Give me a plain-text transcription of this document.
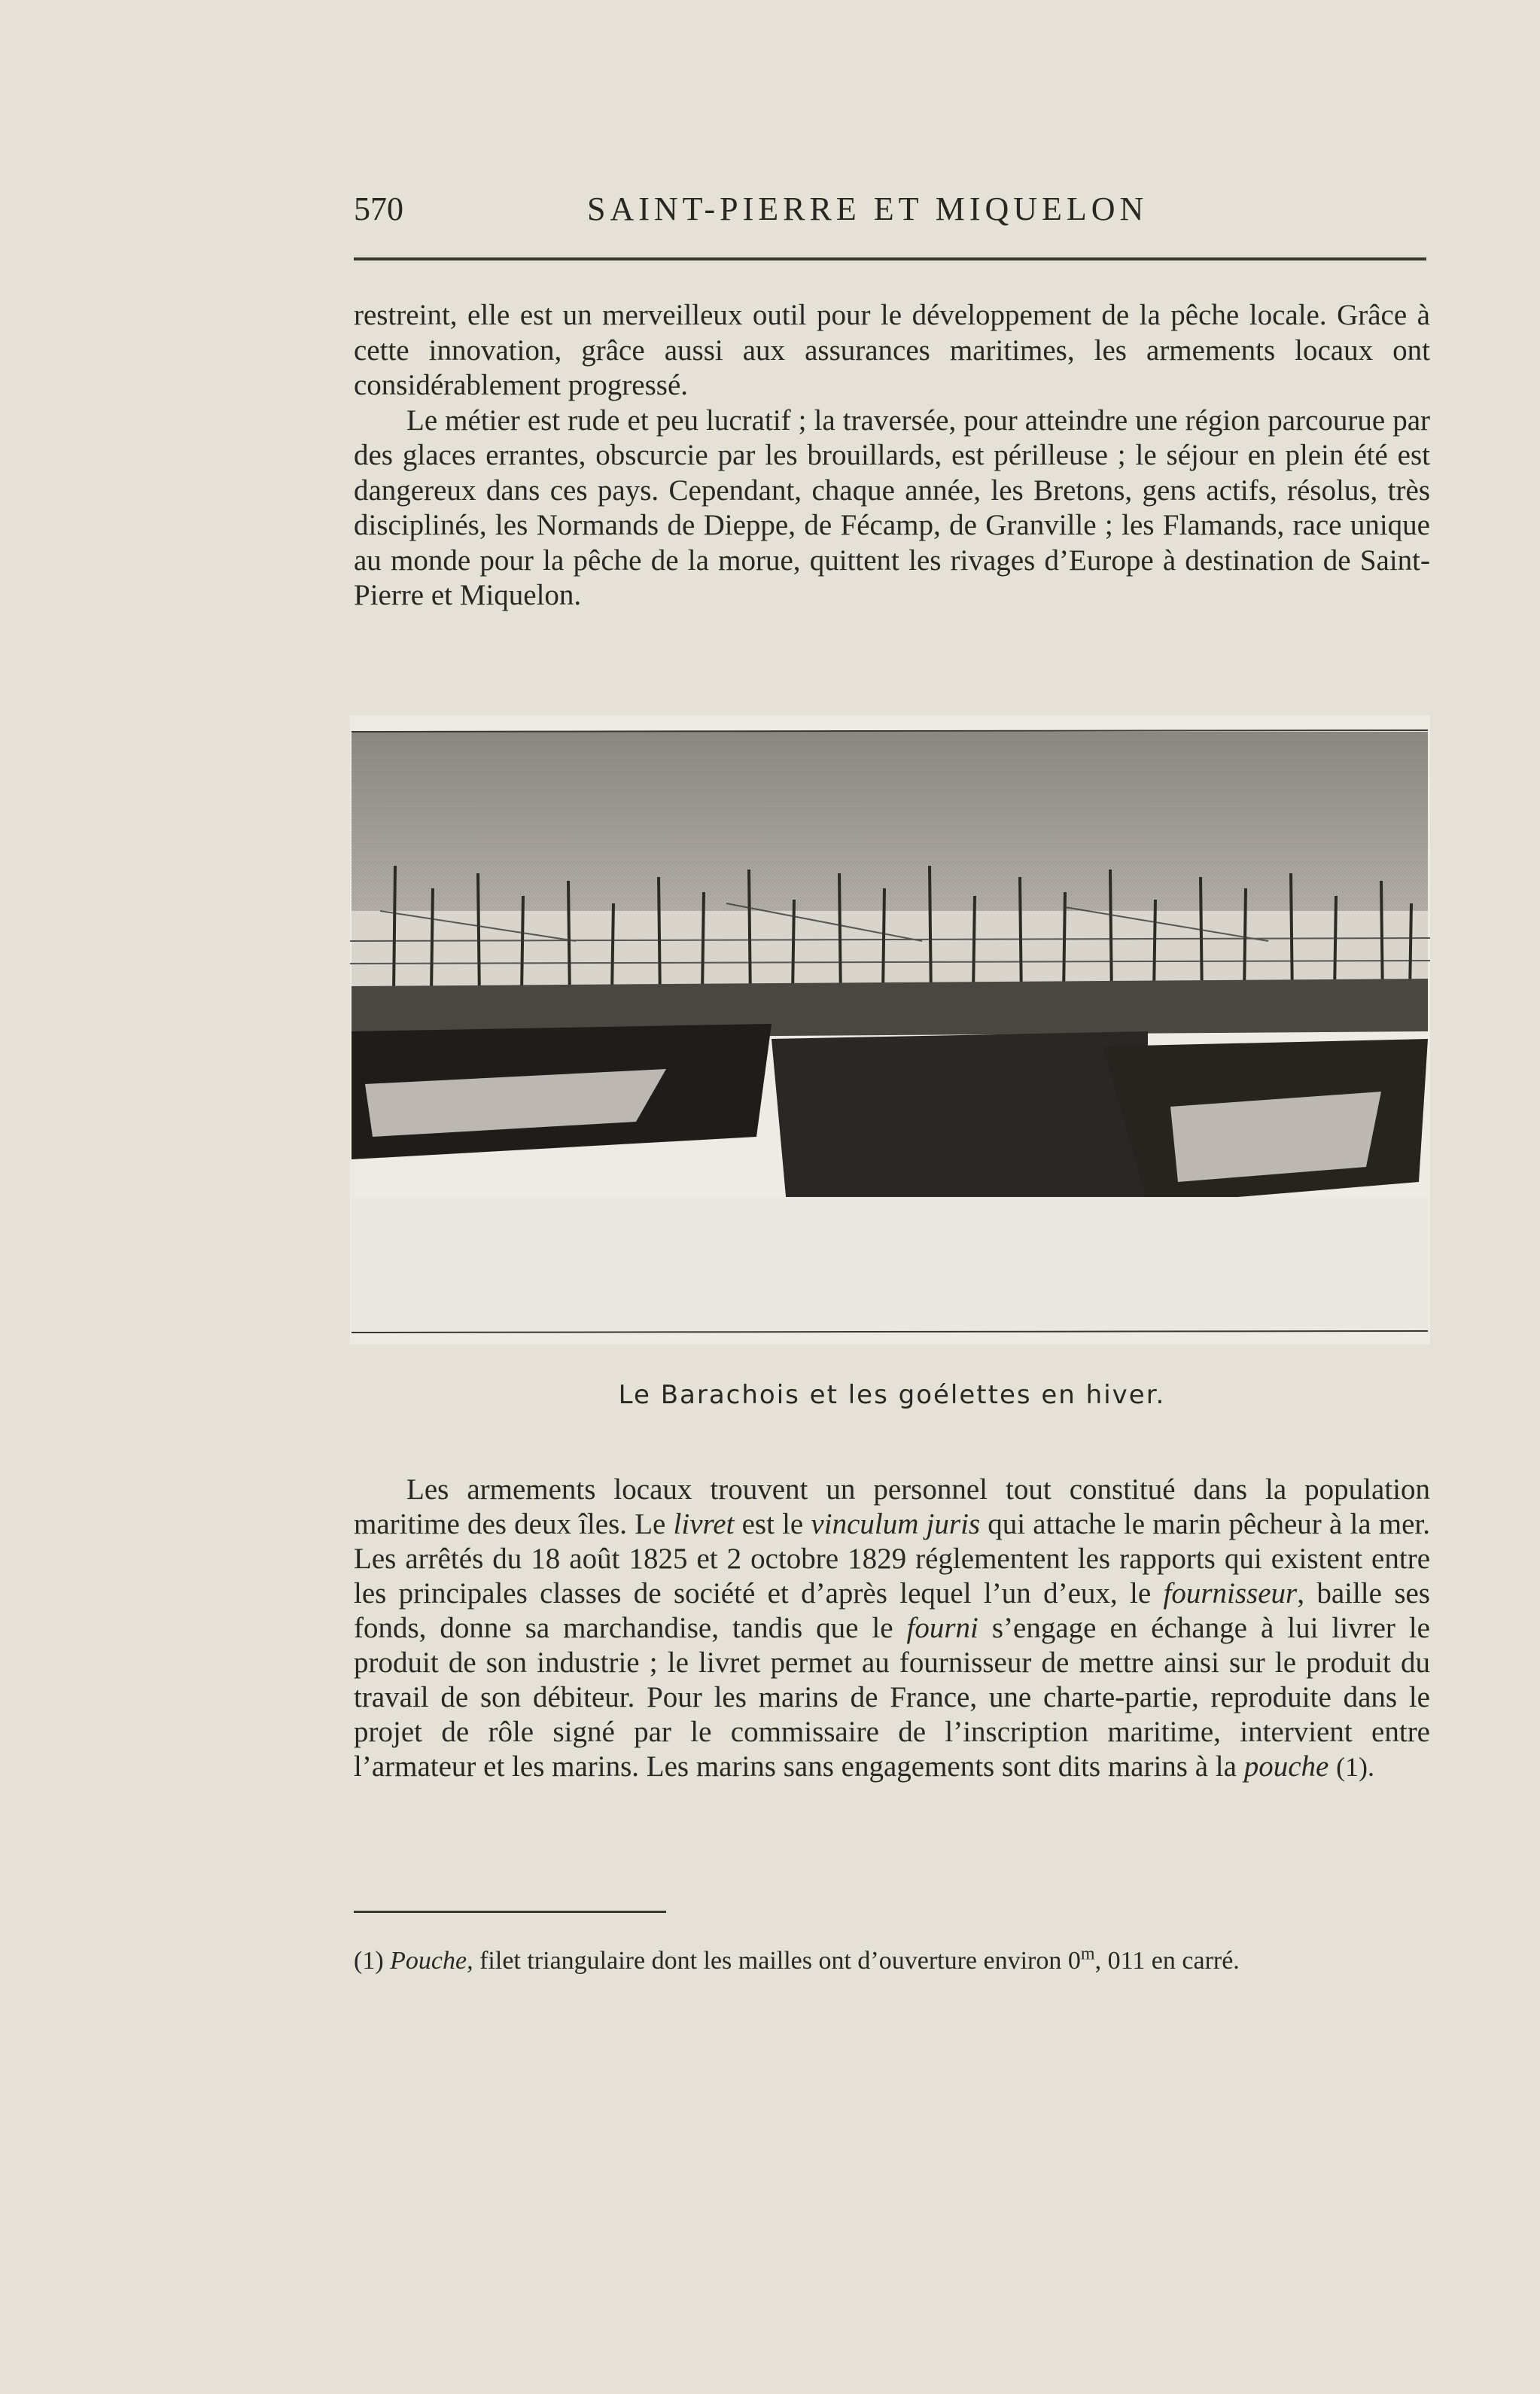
570	SAINT-PIERRE ET MIQUELON

restreint, elle est un merveilleux outil pour le développement de la pêche locale. Grâce à cette innovation, grâce aussi aux assurances maritimes, les armements locaux ont considérablement progressé.

Le métier est rude et peu lucratif ; la traversée, pour atteindre une région parcourue par des glaces errantes, obscurcie par les brouillards, est périlleuse ; le séjour en plein été est dangereux dans ces pays. Cependant, chaque année, les Bretons, gens actifs, résolus, très disciplinés, les Normands de Dieppe, de Fécamp, de Granville ; les Flamands, race unique au monde pour la pêche de la morue, quittent les rivages d’Europe à destination de Saint-Pierre et Miquelon.

Le Barachois et les goélettes en hiver.

Les armements locaux trouvent un personnel tout constitué dans la population maritime des deux îles. Le livret est le vinculum juris qui attache le marin pêcheur à la mer. Les arrêtés du 18 août 1825 et 2 octobre 1829 réglementent les rapports qui existent entre les principales classes de société et d’après lequel l’un d’eux, le fournisseur, baille ses fonds, donne sa marchandise, tandis que le fourni s’engage en échange à lui livrer le produit de son industrie ; le livret permet au fournisseur de mettre ainsi sur le produit du travail de son débiteur. Pour les marins de France, une charte-partie, reproduite dans le projet de rôle signé par le commissaire de l’inscription maritime, intervient entre l’armateur et les marins. Les marins sans engagements sont dits marins à la pouche (1).

(1) Pouche, filet triangulaire dont les mailles ont d’ouverture environ 0$^m$, 011 en carré.
